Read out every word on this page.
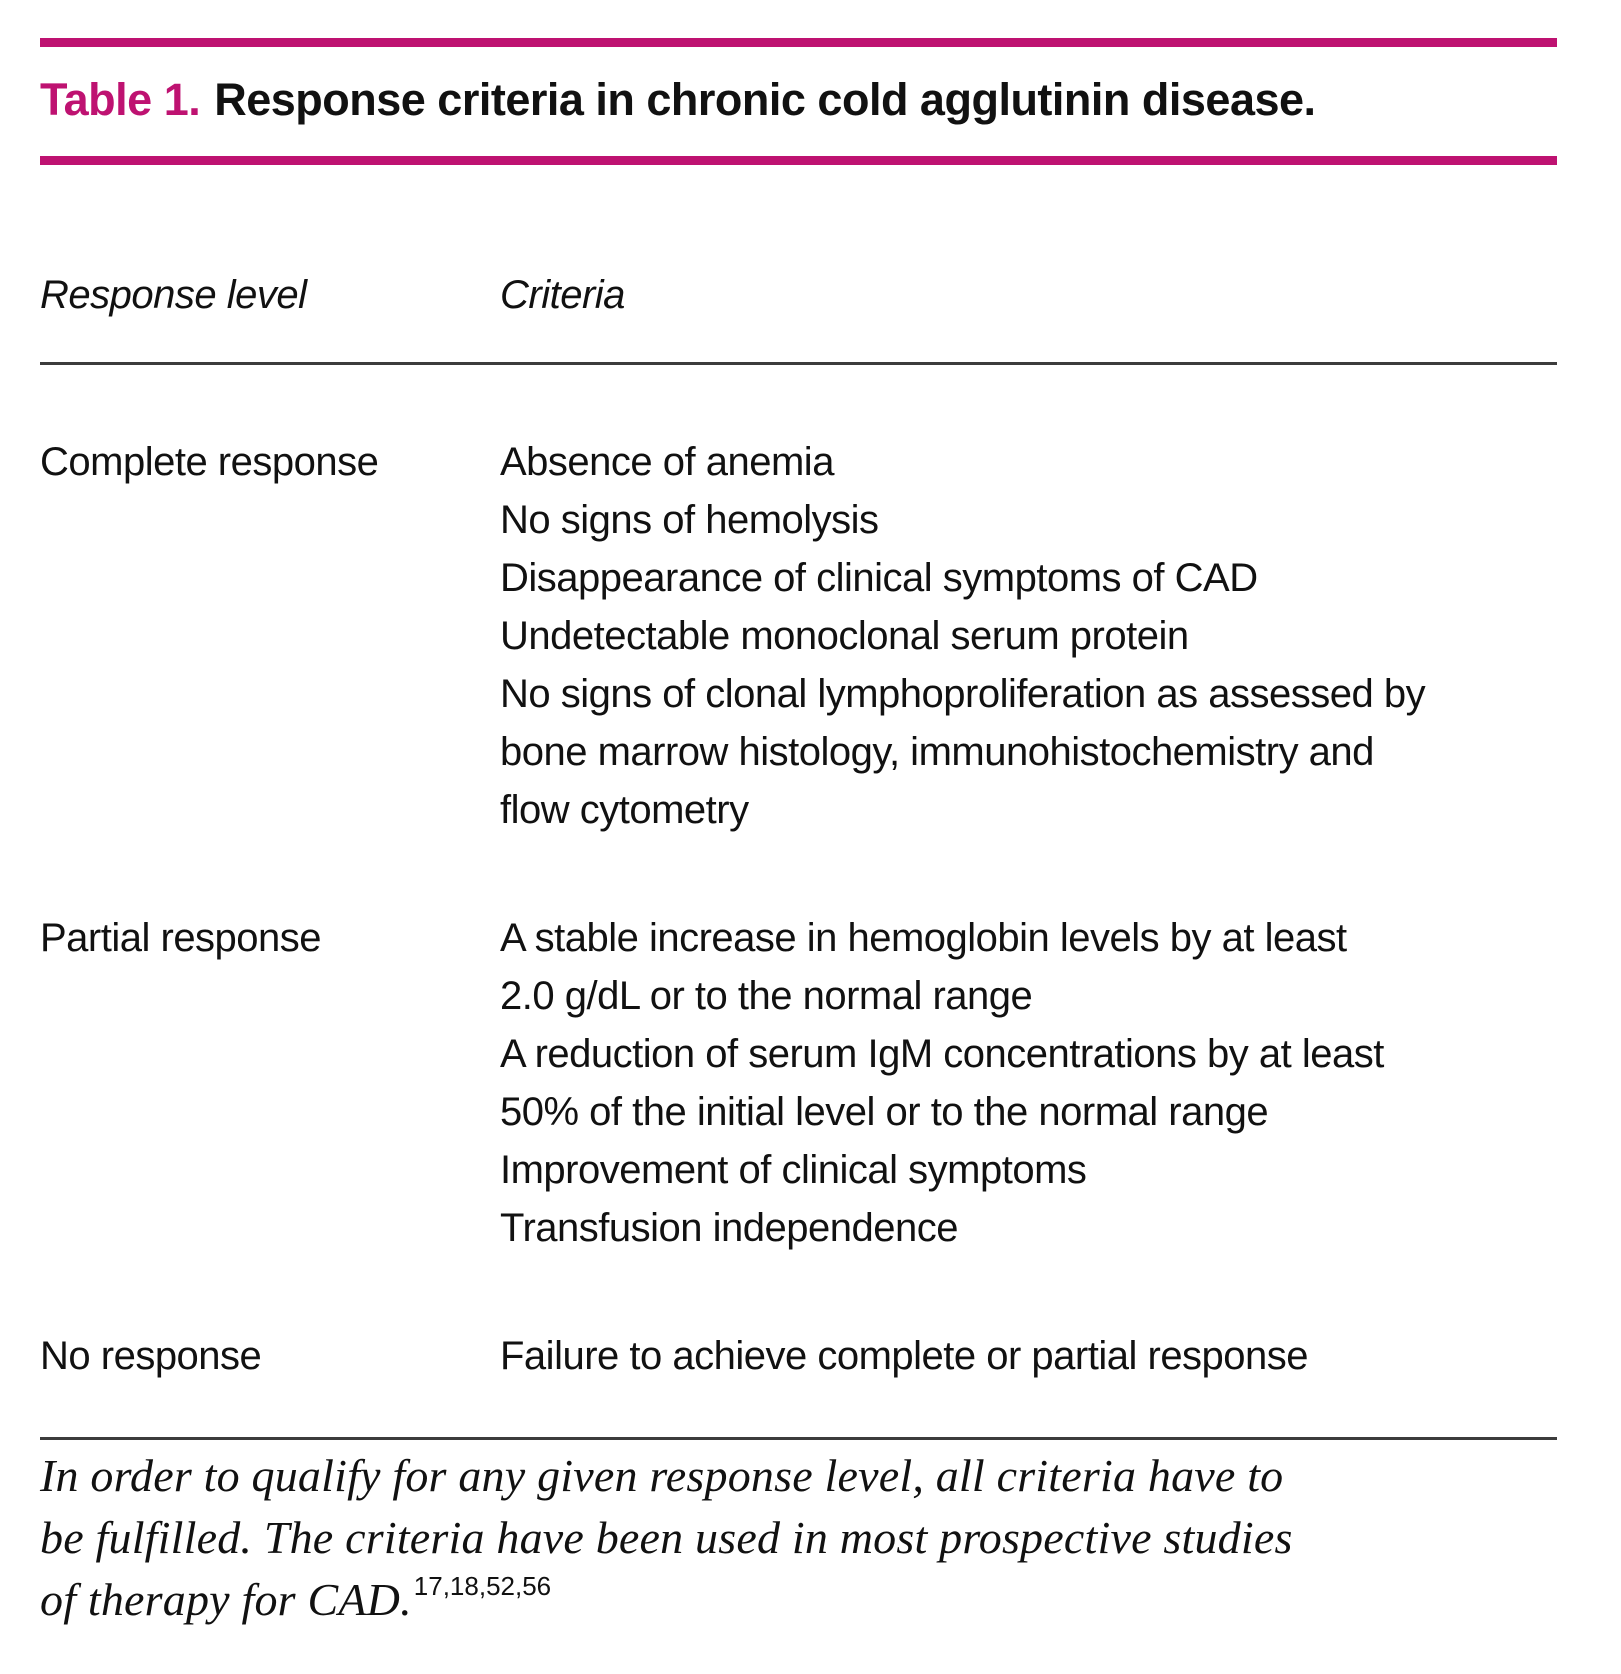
Table 1. Response criteria in chronic cold agglutinin disease.
Response level	Criteria
Complete response	Absence of anemia
No signs of hemolysis
Disappearance of clinical symptoms of CAD
Undetectable monoclonal serum protein
No signs of clonal lymphoproliferation as assessed by
bone marrow histology, immunohistochemistry and
flow cytometry
Partial response	A stable increase in hemoglobin levels by at least
2.0 g/dL or to the normal range
A reduction of serum IgM concentrations by at least
50% of the initial level or to the normal range
Improvement of clinical symptoms
Transfusion independence
No response	Failure to achieve complete or partial response
In order to qualify for any given response level, all criteria have to
be fulfilled. The criteria have been used in most prospective studies
of therapy for CAD.$^{17,18,52,56}$
